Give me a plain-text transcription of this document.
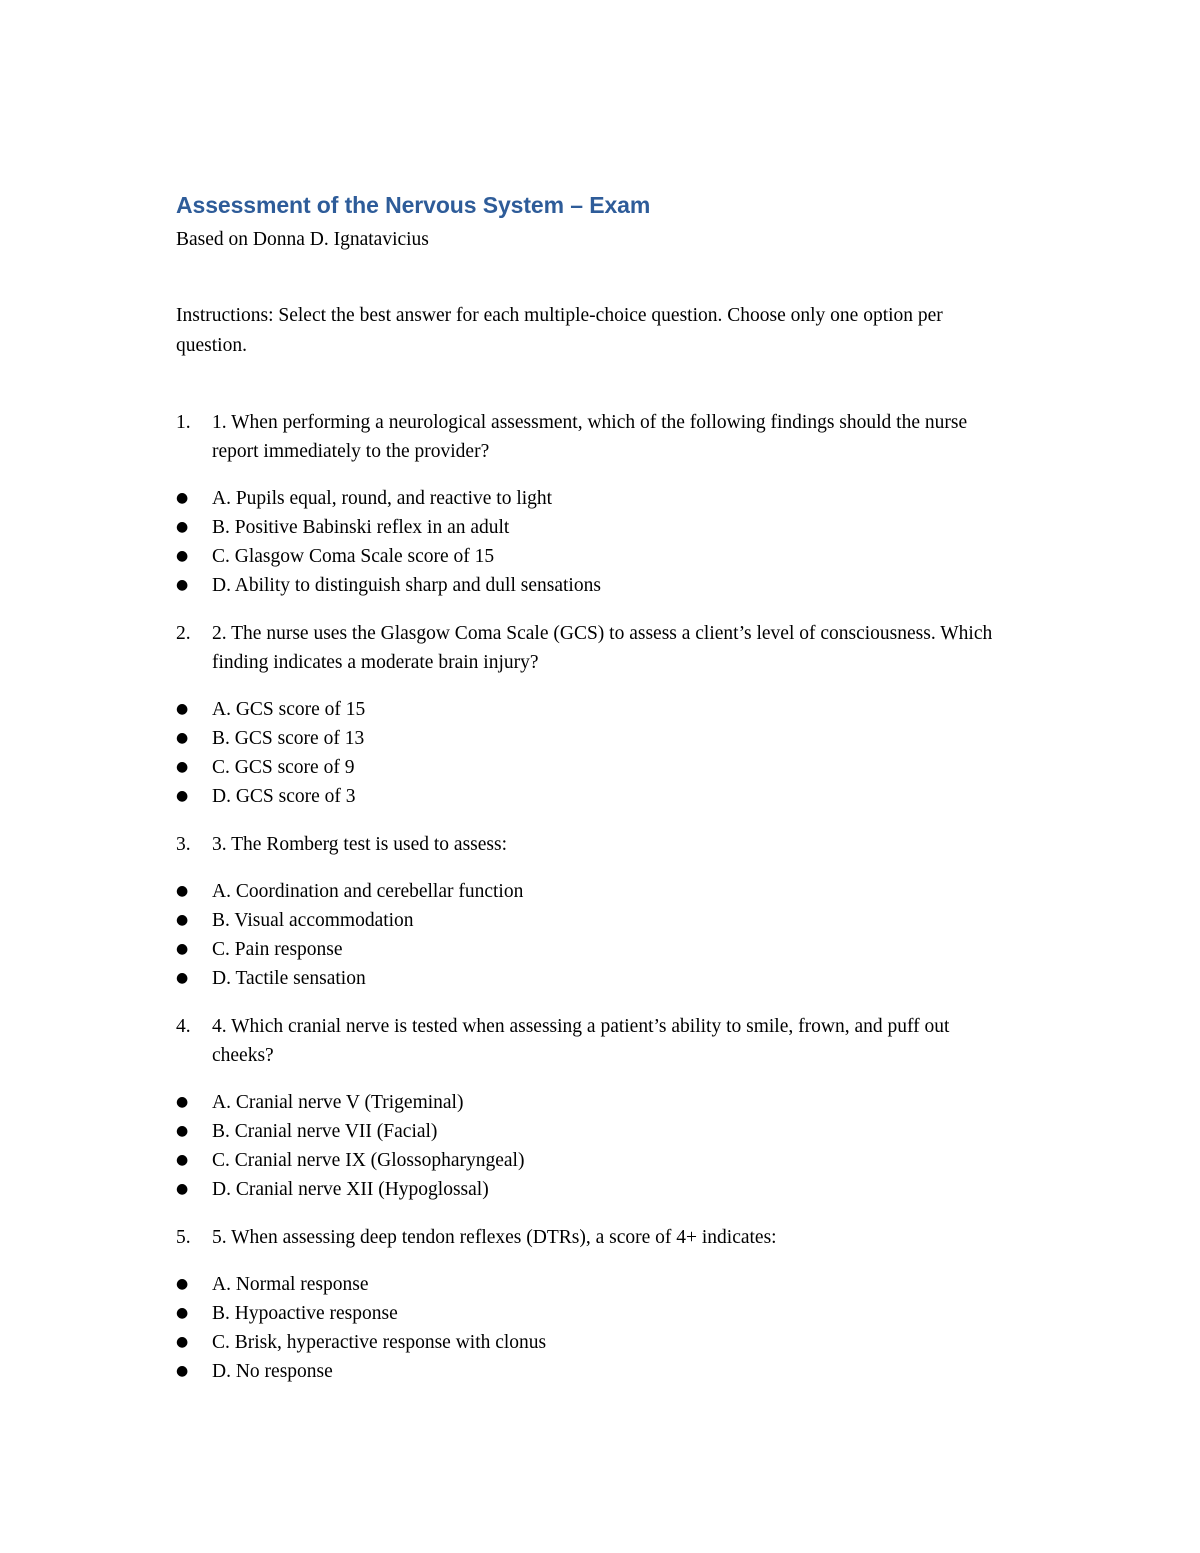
Assessment of the Nervous System – Exam

Based on Donna D. Ignatavicius

Instructions: Select the best answer for each multiple-choice question. Choose only one option per question.

1. 1. When performing a neurological assessment, which of the following findings should the nurse report immediately to the provider?
● A. Pupils equal, round, and reactive to light
● B. Positive Babinski reflex in an adult
● C. Glasgow Coma Scale score of 15
● D. Ability to distinguish sharp and dull sensations
2. 2. The nurse uses the Glasgow Coma Scale (GCS) to assess a client’s level of consciousness. Which finding indicates a moderate brain injury?
● A. GCS score of 15
● B. GCS score of 13
● C. GCS score of 9
● D. GCS score of 3
3. 3. The Romberg test is used to assess:
● A. Coordination and cerebellar function
● B. Visual accommodation
● C. Pain response
● D. Tactile sensation
4. 4. Which cranial nerve is tested when assessing a patient’s ability to smile, frown, and puff out cheeks?
● A. Cranial nerve V (Trigeminal)
● B. Cranial nerve VII (Facial)
● C. Cranial nerve IX (Glossopharyngeal)
● D. Cranial nerve XII (Hypoglossal)
5. 5. When assessing deep tendon reflexes (DTRs), a score of 4+ indicates:
● A. Normal response
● B. Hypoactive response
● C. Brisk, hyperactive response with clonus
● D. No response
